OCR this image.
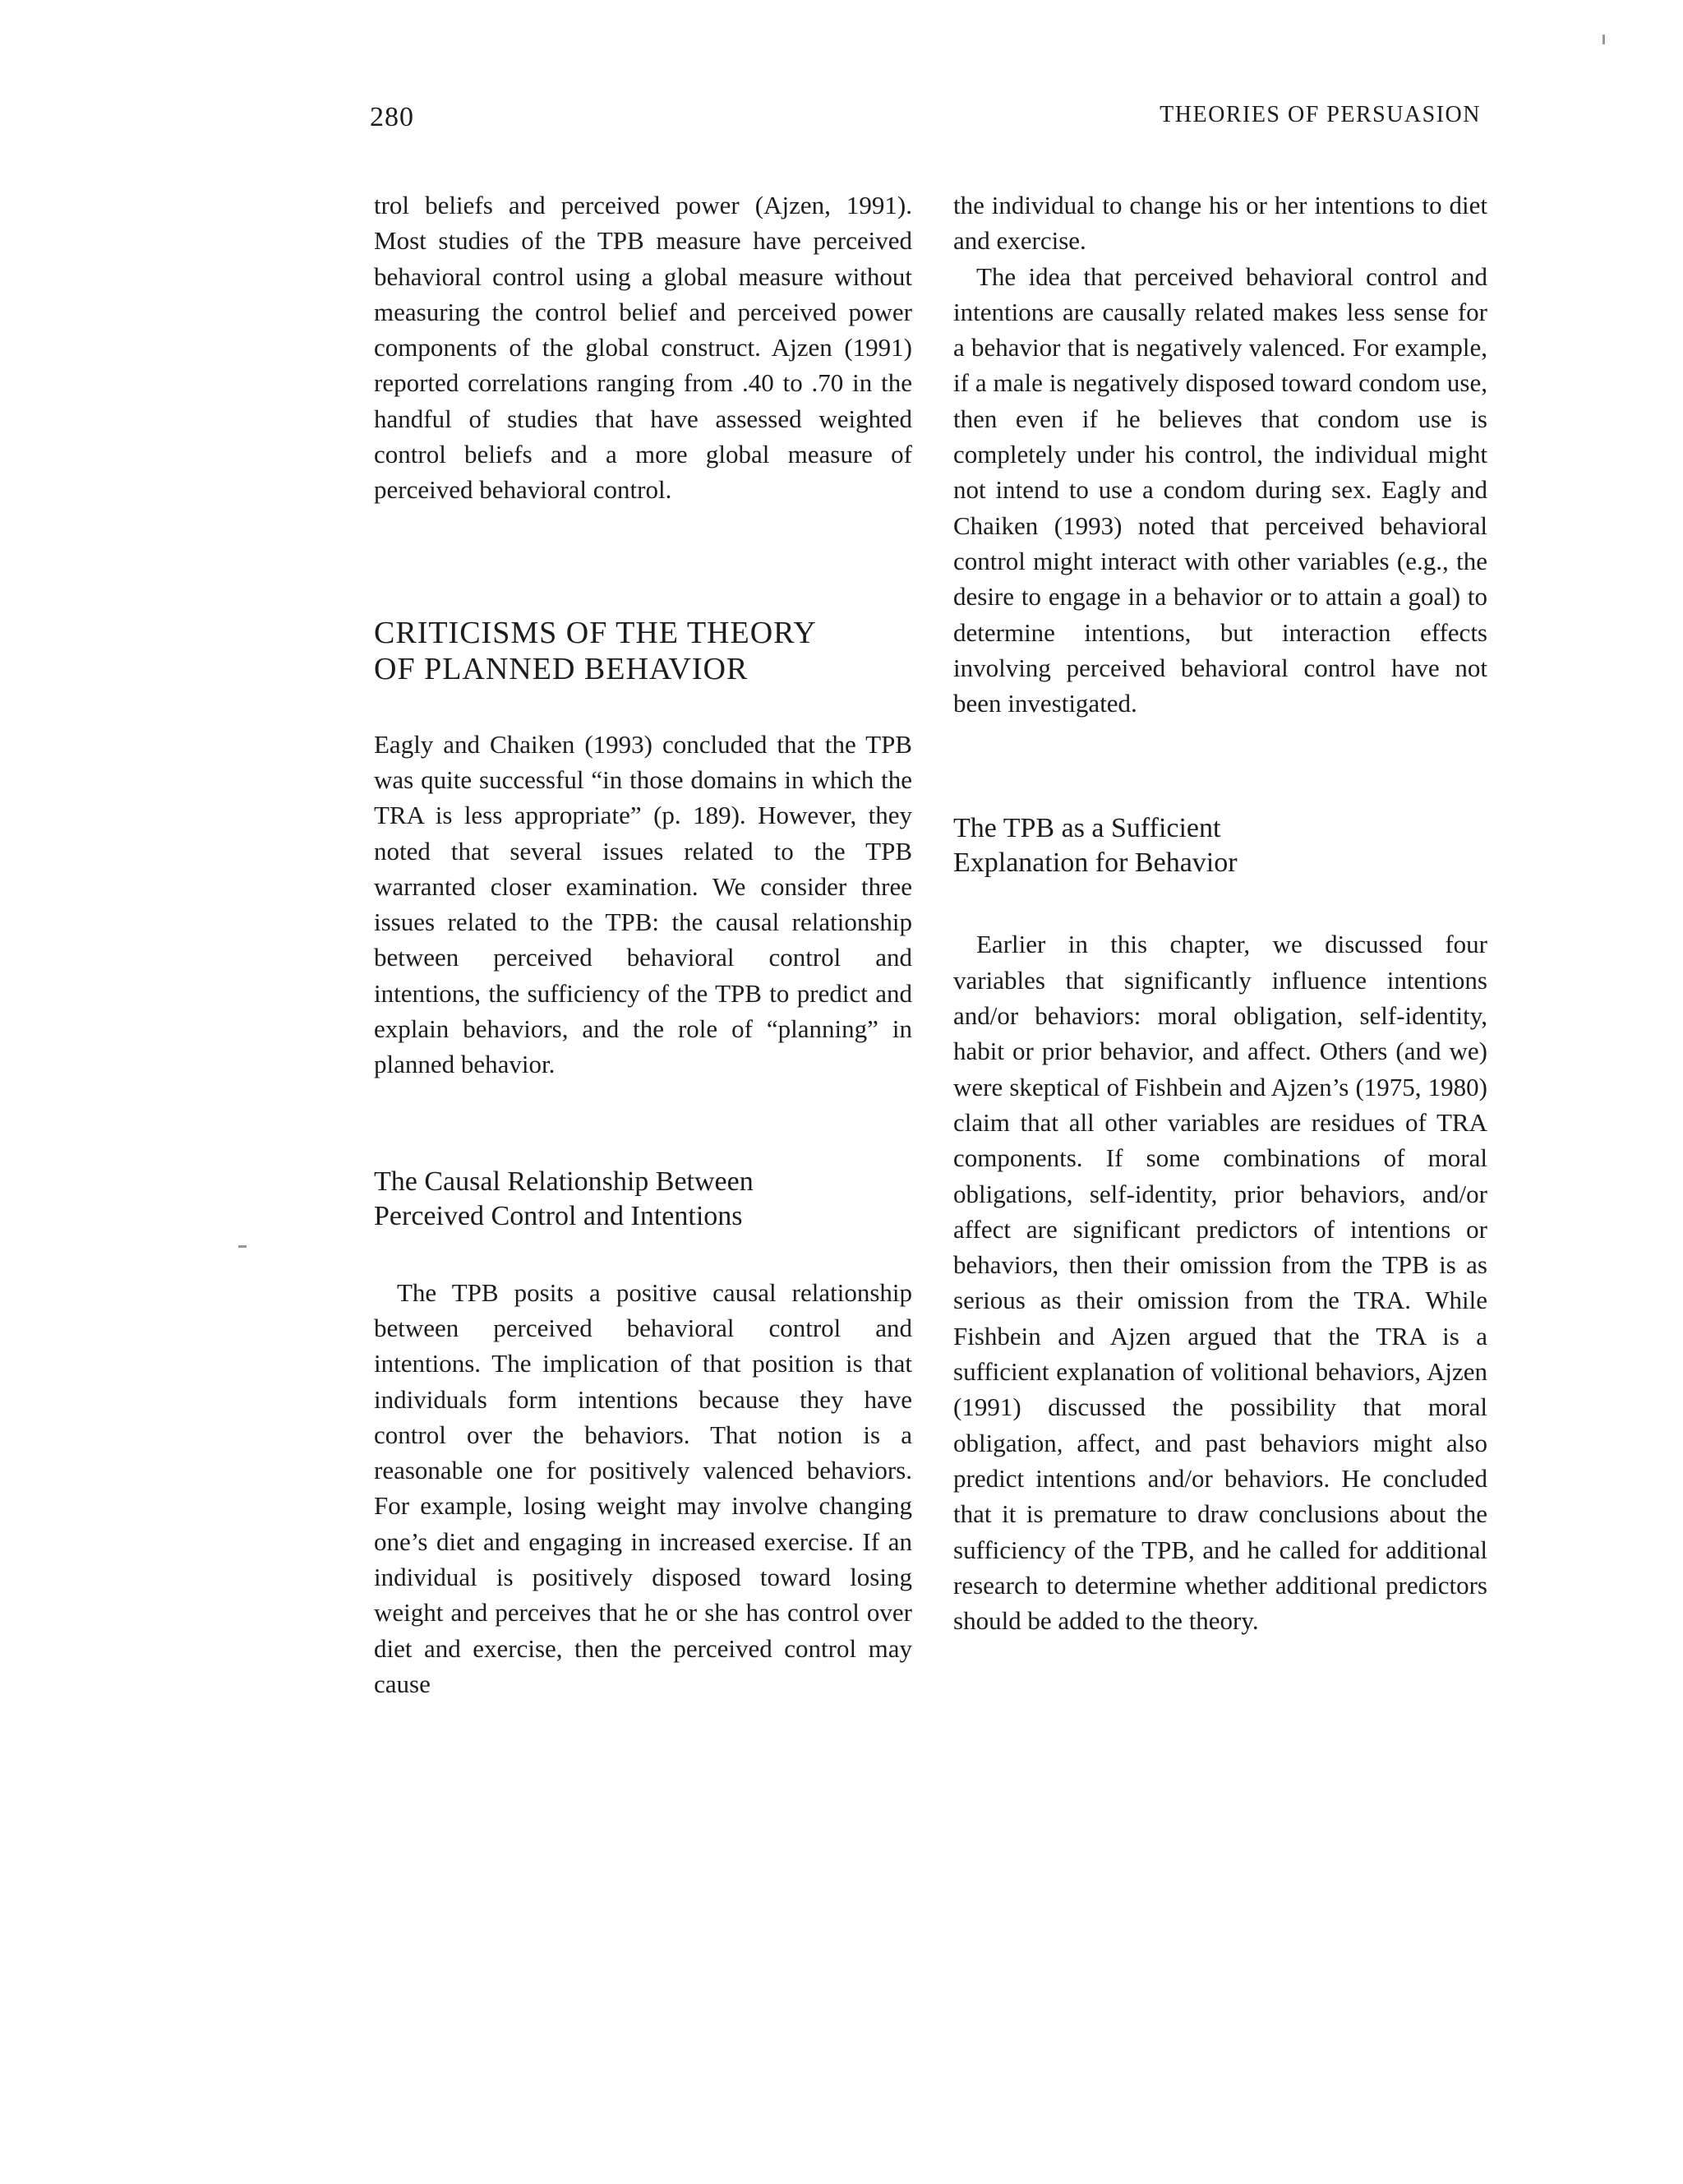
280	THEORIES OF PERSUASION

trol beliefs and perceived power (Ajzen, 1991). Most studies of the TPB measure have perceived behavioral control using a global measure without measuring the control belief and perceived power components of the global construct. Ajzen (1991) reported correlations ranging from .40 to .70 in the handful of studies that have assessed weighted control beliefs and a more global measure of perceived behavioral control.

CRITICISMS OF THE THEORY
OF PLANNED BEHAVIOR

Eagly and Chaiken (1993) concluded that the TPB was quite successful “in those domains in which the TRA is less appropriate” (p. 189). However, they noted that several issues related to the TPB warranted closer examination. We consider three issues related to the TPB: the causal relationship between perceived behavioral control and intentions, the sufficiency of the TPB to predict and explain behaviors, and the role of “planning” in planned behavior.

The Causal Relationship Between
Perceived Control and Intentions

The TPB posits a positive causal relationship between perceived behavioral control and intentions. The implication of that position is that individuals form intentions because they have control over the behaviors. That notion is a reasonable one for positively valenced behaviors. For example, losing weight may involve changing one’s diet and engaging in increased exercise. If an individual is positively disposed toward losing weight and perceives that he or she has control over diet and exercise, then the perceived control may cause

the individual to change his or her intentions to diet and exercise.

The idea that perceived behavioral control and intentions are causally related makes less sense for a behavior that is negatively valenced. For example, if a male is negatively disposed toward condom use, then even if he believes that condom use is completely under his control, the individual might not intend to use a condom during sex. Eagly and Chaiken (1993) noted that perceived behavioral control might interact with other variables (e.g., the desire to engage in a behavior or to attain a goal) to determine intentions, but interaction effects involving perceived behavioral control have not been investigated.

The TPB as a Sufficient
Explanation for Behavior

Earlier in this chapter, we discussed four variables that significantly influence intentions and/or behaviors: moral obligation, self-identity, habit or prior behavior, and affect. Others (and we) were skeptical of Fishbein and Ajzen’s (1975, 1980) claim that all other variables are residues of TRA components. If some combinations of moral obligations, self-identity, prior behaviors, and/or affect are significant predictors of intentions or behaviors, then their omission from the TPB is as serious as their omission from the TRA. While Fishbein and Ajzen argued that the TRA is a sufficient explanation of volitional behaviors, Ajzen (1991) discussed the possibility that moral obligation, affect, and past behaviors might also predict intentions and/or behaviors. He concluded that it is premature to draw conclusions about the sufficiency of the TPB, and he called for additional research to determine whether additional predictors should be added to the theory.
